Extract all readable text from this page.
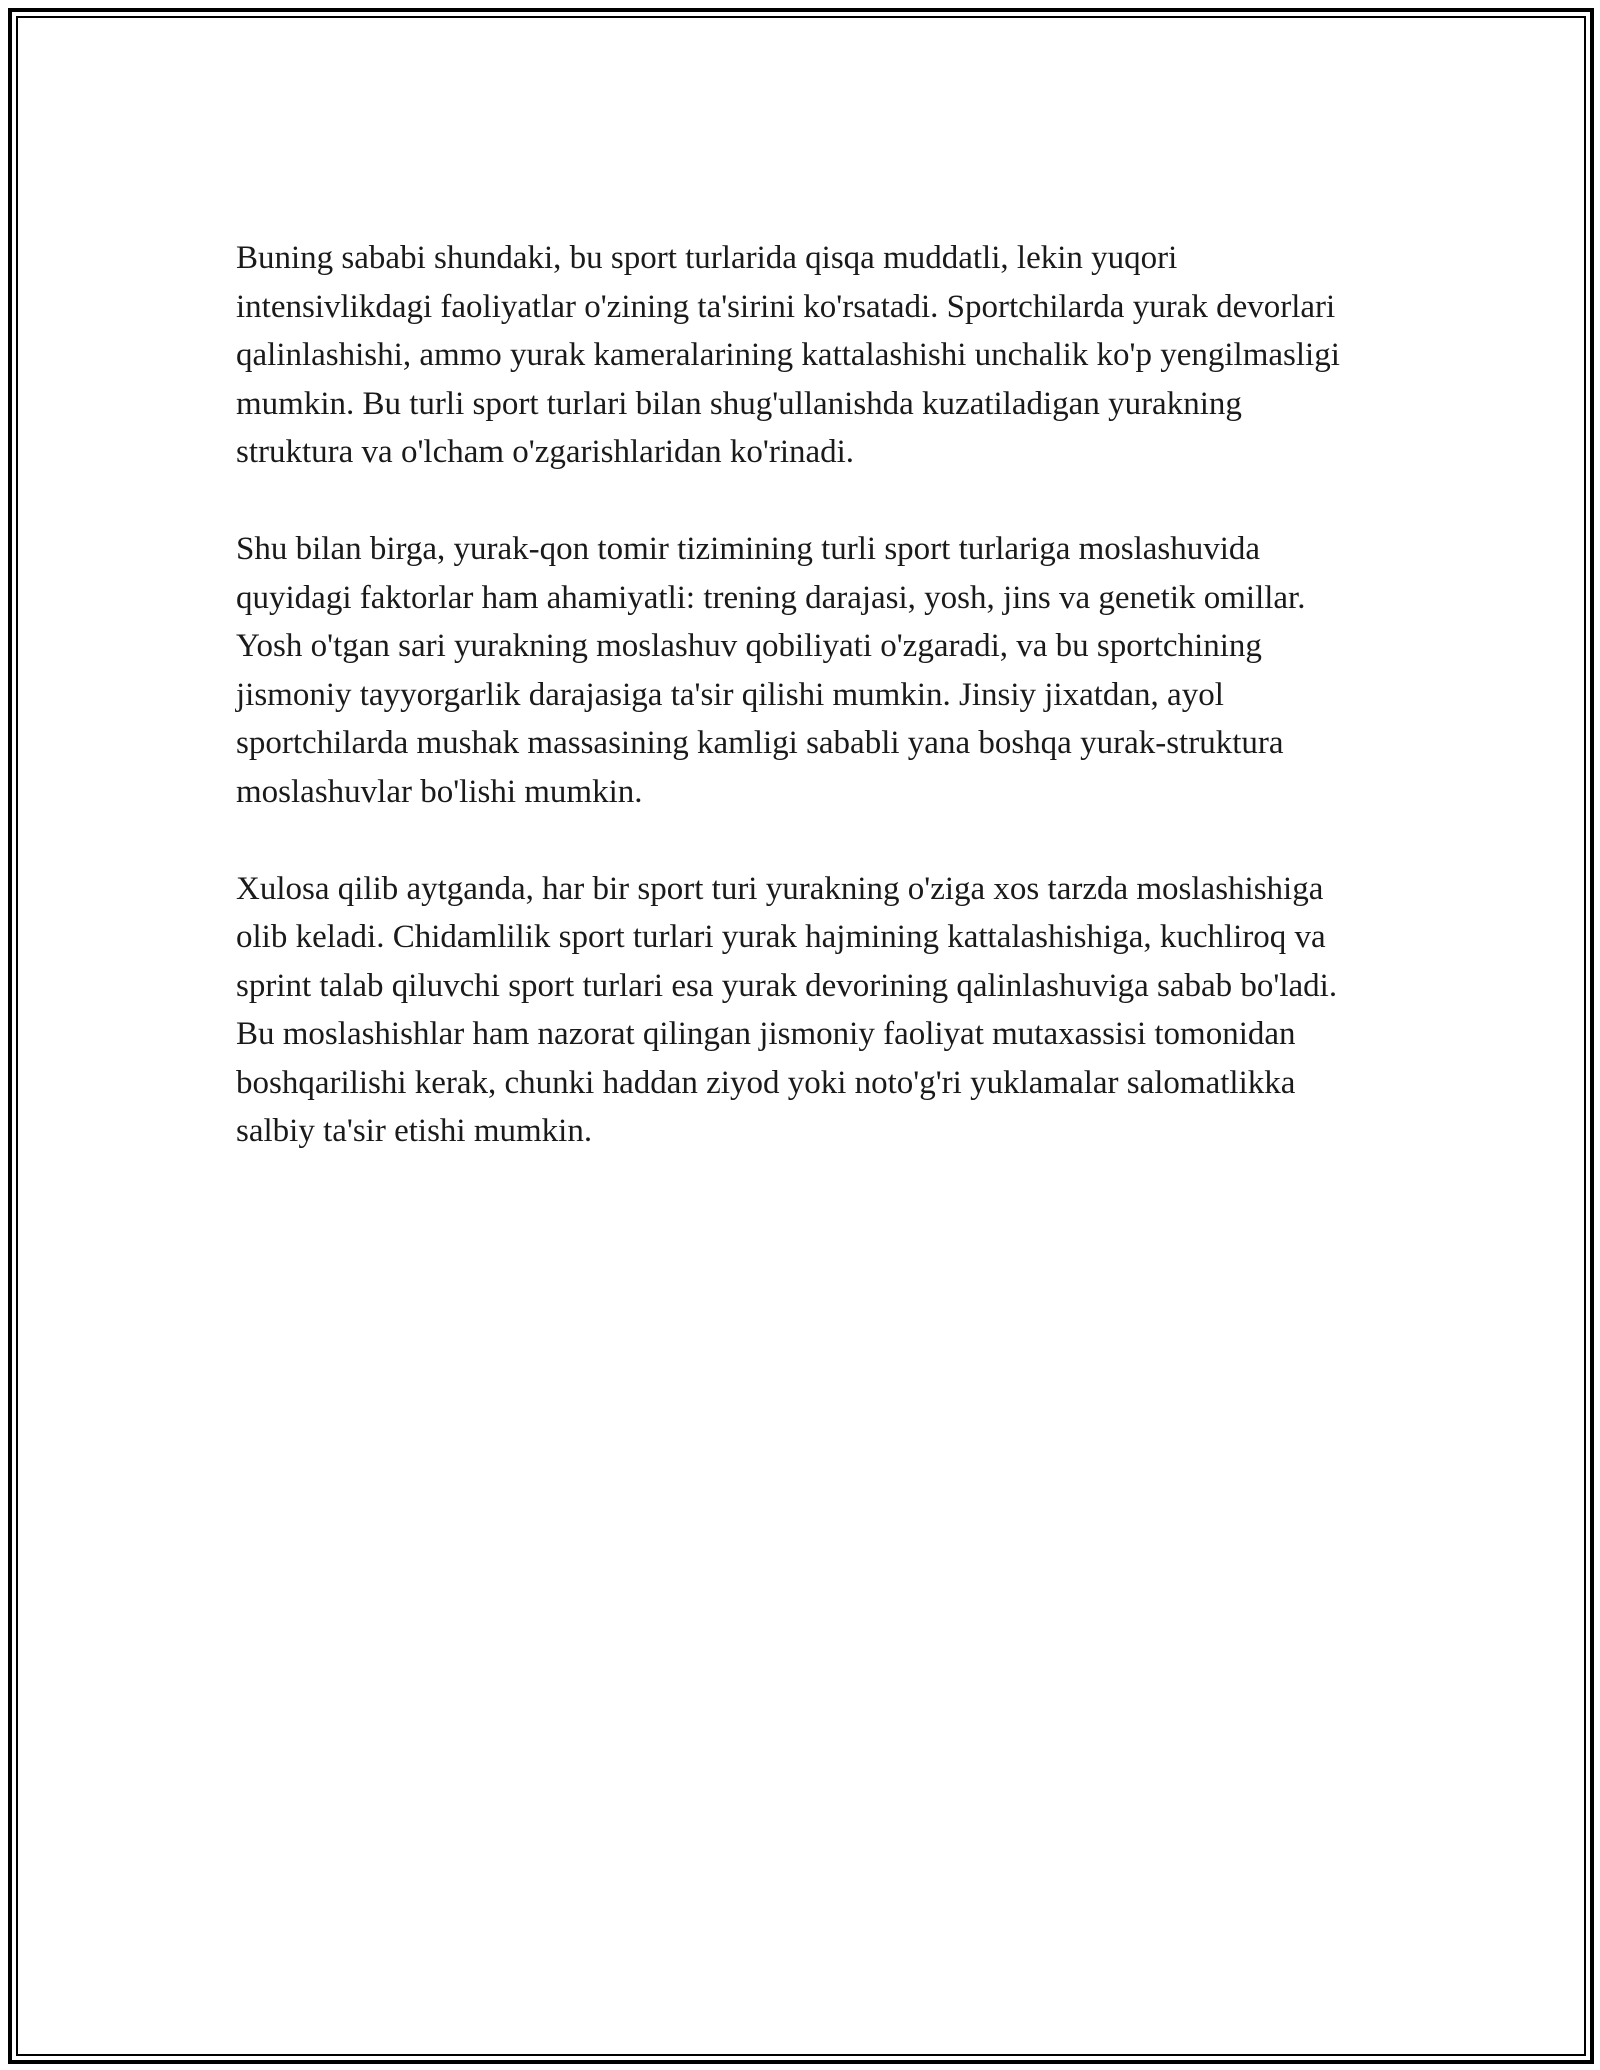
Buning sababi shundaki, bu sport turlarida qisqa muddatli, lekin yuqori intensivlikdagi faoliyatlar o'zining ta'sirini ko'rsatadi. Sportchilarda yurak devorlari qalinlashishi, ammo yurak kameralarining kattalashishi unchalik ko'p yengilmasligi mumkin. Bu turli sport turlari bilan shug'ullanishda kuzatiladigan yurakning struktura va o'lcham o'zgarishlaridan ko'rinadi.

Shu bilan birga, yurak-qon tomir tizimining turli sport turlariga moslashuvida quyidagi faktorlar ham ahamiyatli: trening darajasi, yosh, jins va genetik omillar. Yosh o'tgan sari yurakning moslashuv qobiliyati o'zgaradi, va bu sportchining jismoniy tayyorgarlik darajasiga ta'sir qilishi mumkin. Jinsiy jixatdan, ayol sportchilarda mushak massasining kamligi sababli yana boshqa yurak-struktura moslashuvlar bo'lishi mumkin.

Xulosa qilib aytganda, har bir sport turi yurakning o'ziga xos tarzda moslashishiga olib keladi. Chidamlilik sport turlari yurak hajmining kattalashishiga, kuchliroq va sprint talab qiluvchi sport turlari esa yurak devorining qalinlashuviga sabab bo'ladi. Bu moslashishlar ham nazorat qilingan jismoniy faoliyat mutaxassisi tomonidan boshqarilishi kerak, chunki haddan ziyod yoki noto'g'ri yuklamalar salomatlikka salbiy ta'sir etishi mumkin.
